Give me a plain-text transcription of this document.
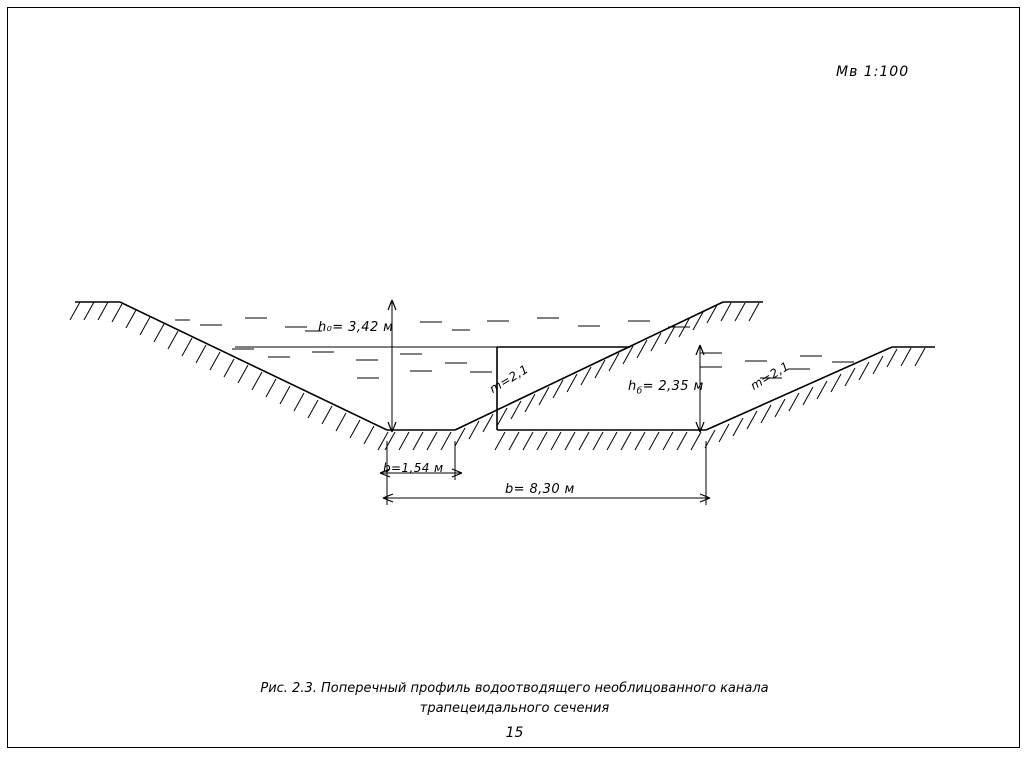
Мв 1:100
h₀= 3,42 м
$h_б= 2,35$ м
m=2,1	m=2,1
b=1,54 м
b= 8,30 м
Рис. 2.3. Поперечный профиль водоотводящего необлицованного канала
трапецеидального сечения
15
